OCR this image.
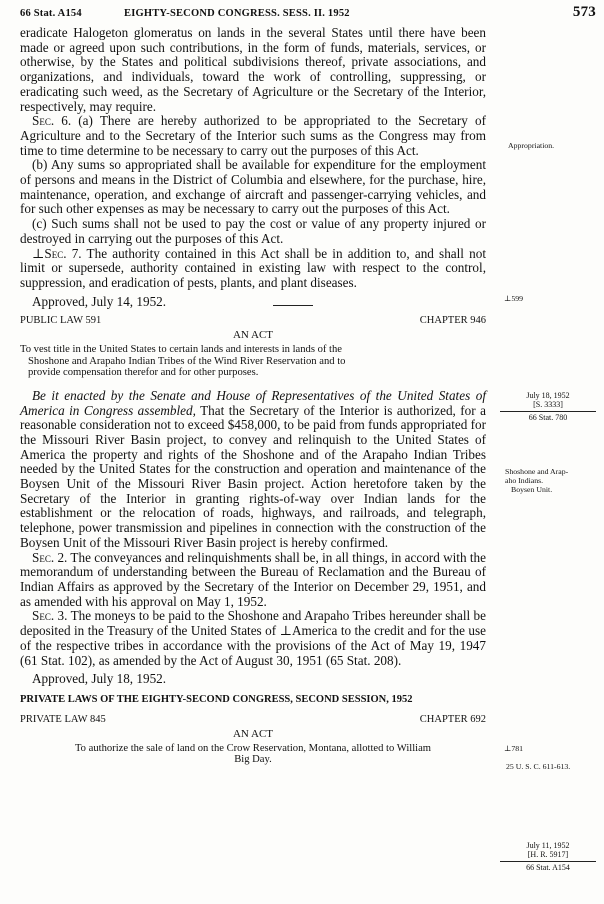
66 Stat. A154	EIGHTY-SECOND CONGRESS. SESS. II. 1952	573

eradicate Halogeton glomeratus on lands in the several States until there have been made or agreed upon such contributions, in the form of funds, materials, services, or otherwise, by the States and political subdivisions thereof, private associations, and organizations, and individuals, toward the work of controlling, suppressing, or eradicating such weed, as the Secretary of Agriculture or the Secretary of the Interior, respectively, may require.

Sec. 6. (a) There are hereby authorized to be appropriated to the Secretary of Agriculture and to the Secretary of the Interior such sums as the Congress may from time to time determine to be necessary to carry out the purposes of this Act.

(b) Any sums so appropriated shall be available for expenditure for the employment of persons and means in the District of Columbia and elsewhere, for the purchase, hire, maintenance, operation, and exchange of aircraft and passenger-carrying vehicles, and for such other expenses as may be necessary to carry out the purposes of this Act.

(c) Such sums shall not be used to pay the cost or value of any property injured or destroyed in carrying out the purposes of this Act.

⊥Sec. 7. The authority contained in this Act shall be in addition to, and shall not limit or supersede, authority contained in existing law with respect to the control, suppression, and eradication of pests, plants, and plant diseases.

Approved, July 14, 1952.

PUBLIC LAW 591	CHAPTER 946
AN ACT
To vest title in the United States to certain lands and interests in lands of the
Shoshone and Arapaho Indian Tribes of the Wind River Reservation and to
provide compensation therefor and for other purposes.

Be it enacted by the Senate and House of Representatives of the United States of America in Congress assembled, That the Secretary of the Interior is authorized, for a reasonable consideration not to exceed $458,000, to be paid from funds appropriated for the Missouri River Basin project, to convey and relinquish to the United States of America the property and rights of the Shoshone and of the Arapaho Indian Tribes needed by the United States for the construction and operation and maintenance of the Boysen Unit of the Missouri River Basin project. Action heretofore taken by the Secretary of the Interior in granting rights-of-way over Indian lands for the establishment or the relocation of roads, highways, and railroads, and telegraph, telephone, power transmission and pipelines in connection with the construction of the Boysen Unit of the Missouri River Basin project is hereby confirmed.

Sec. 2. The conveyances and relinquishments shall be, in all things, in accord with the memorandum of understanding between the Bureau of Reclamation and the Bureau of Indian Affairs as approved by the Secretary of the Interior on December 29, 1951, and as amended with his approval on May 1, 1952.

Sec. 3. The moneys to be paid to the Shoshone and Arapaho Tribes hereunder shall be deposited in the Treasury of the United States of ⊥America to the credit and for the use of the respective tribes in accordance with the provisions of the Act of May 19, 1947 (61 Stat. 102), as amended by the Act of August 30, 1951 (65 Stat. 208).

Approved, July 18, 1952.

PRIVATE LAWS OF THE EIGHTY-SECOND CONGRESS, SECOND SESSION, 1952
PRIVATE LAW 845	CHAPTER 692
AN ACT
To authorize the sale of land on the Crow Reservation, Montana, allotted to William
Big Day.
Appropriation.
⊥599
July 18, 1952
[S. 3333]
66 Stat. 780
Shoshone and Arap-
aho Indians.
Boysen Unit.
⊥781
25 U. S. C. 611-613.
July 11, 1952
[H. R. 5917]
66 Stat. A154
